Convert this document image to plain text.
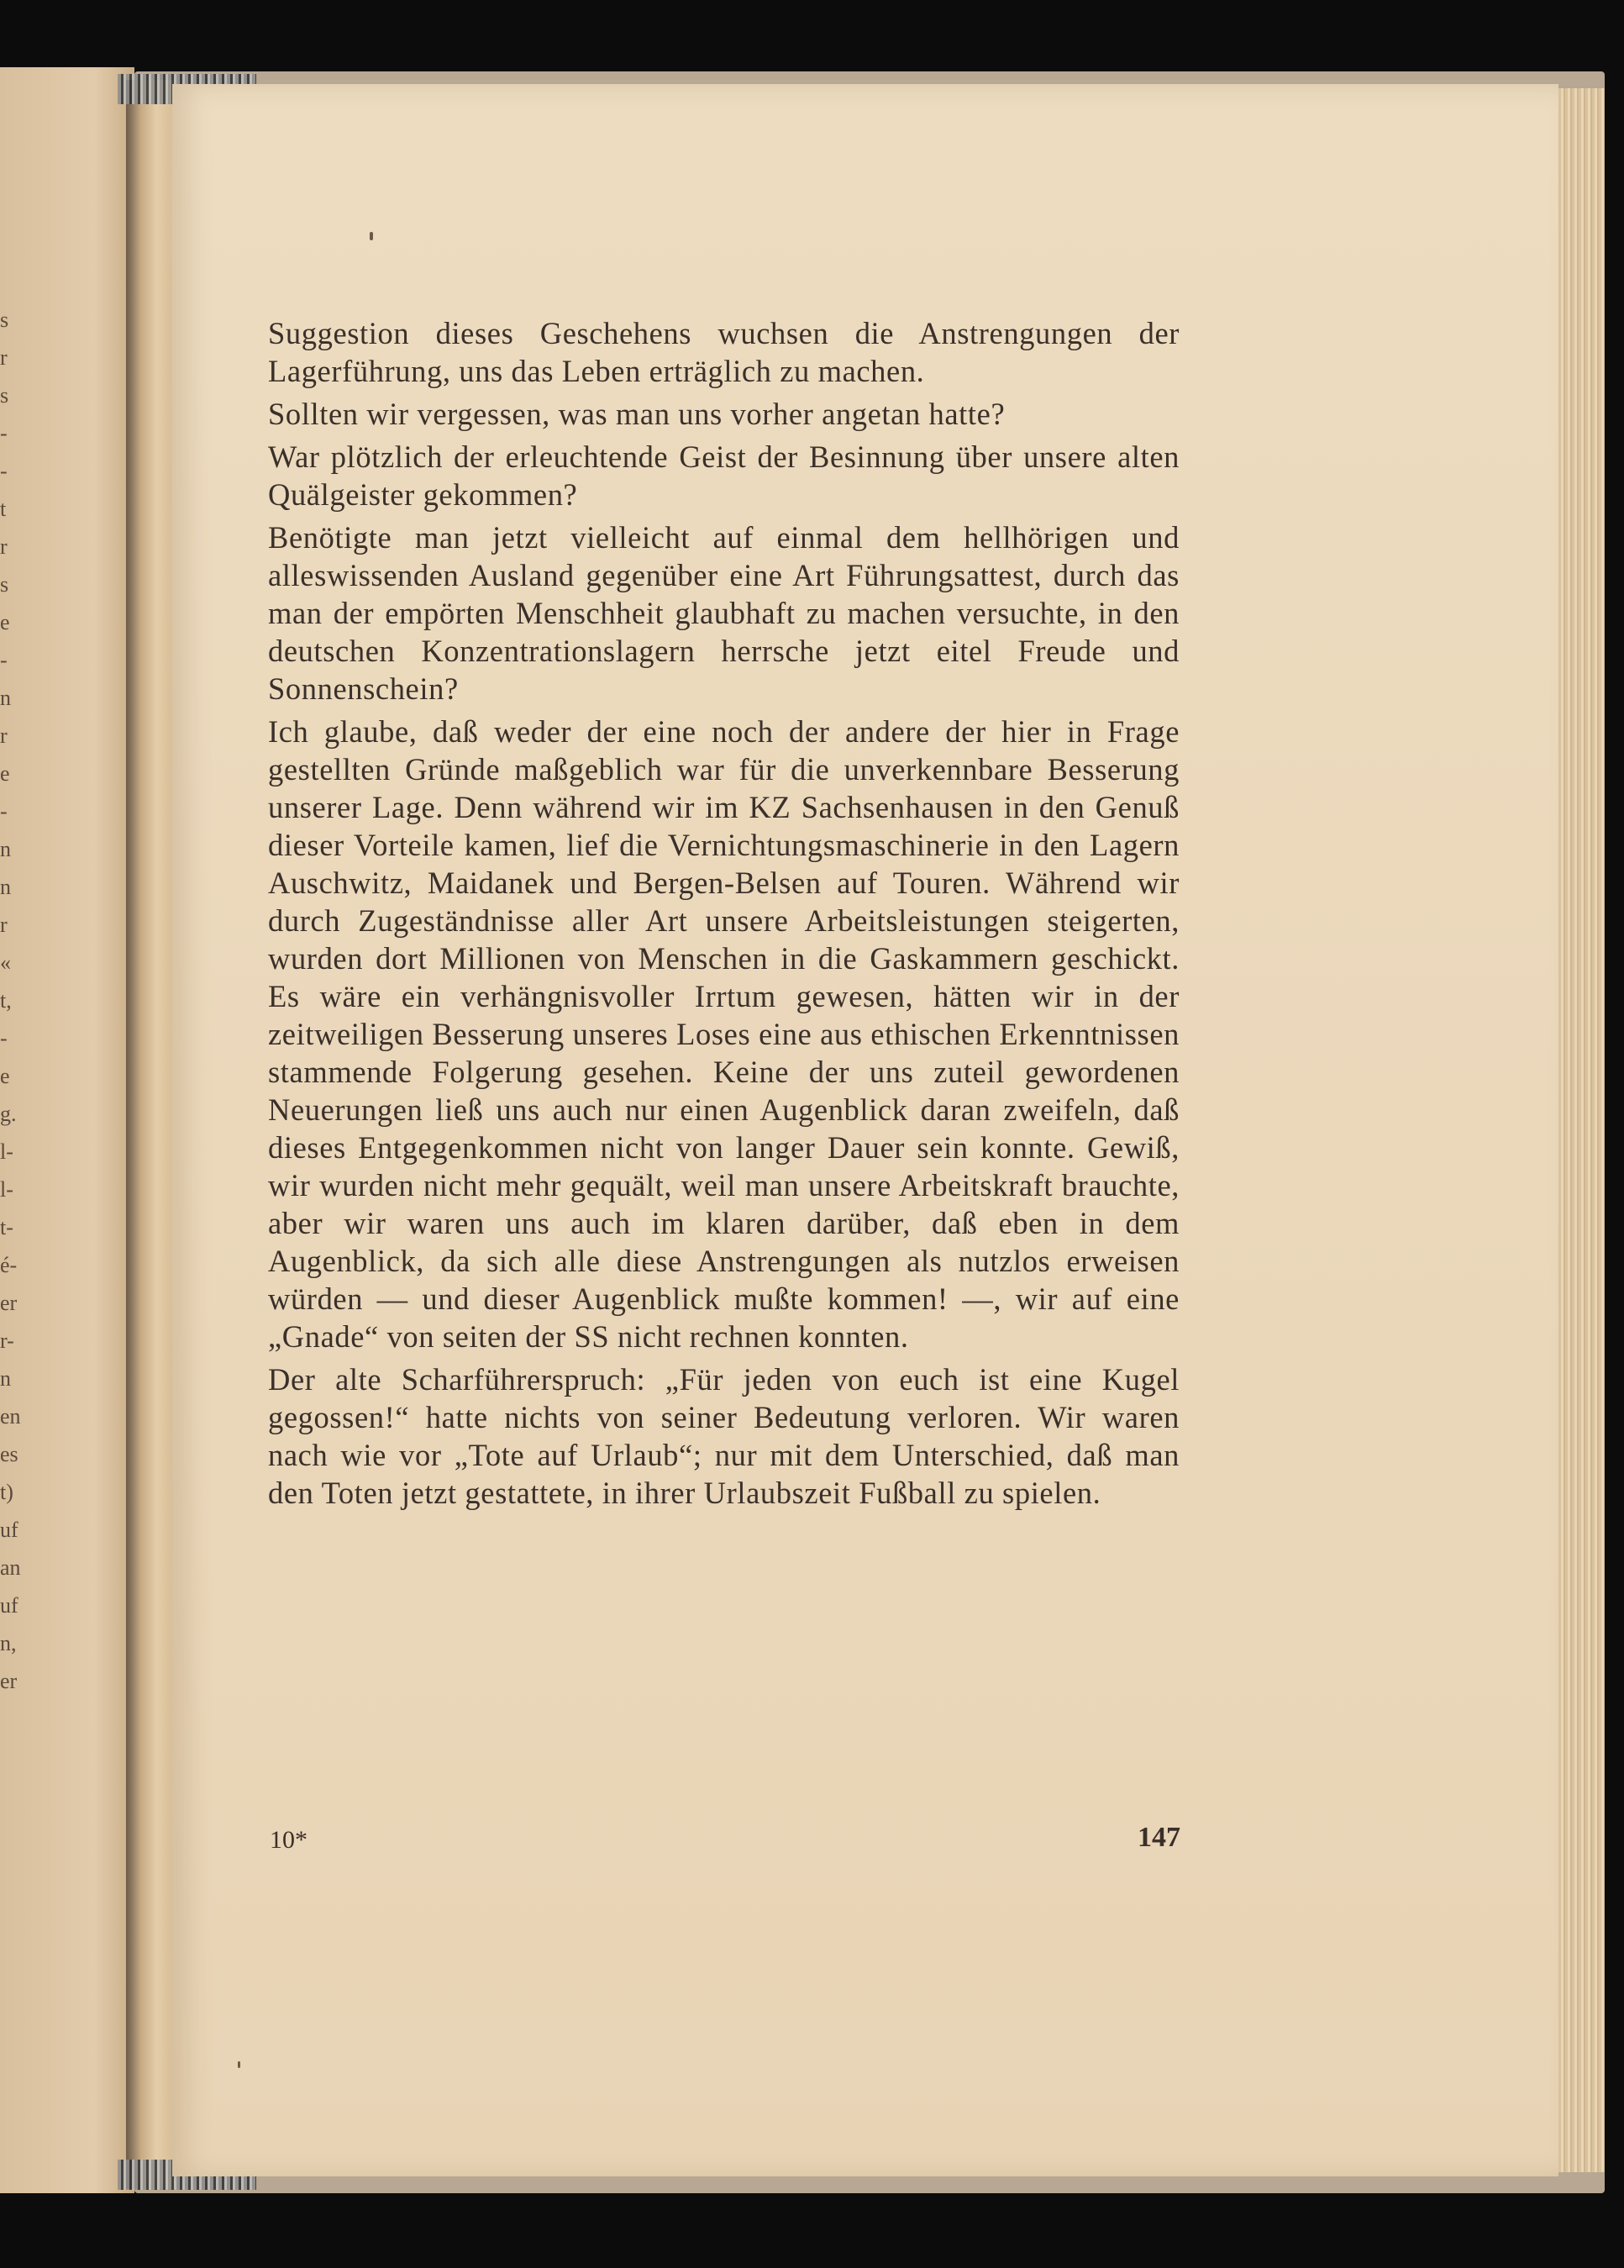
s
r
s
-
-
t
r
s
e
-
n
r
e
-
n
n
r
«
t,
-
e
g.
l-
l-
t-
é-
er
r-
n
en
es
t)
uf
an
uf
n,
er

Suggestion dieses Geschehens wuchsen die Anstrengungen der Lagerführung, uns das Leben erträglich zu machen.

Sollten wir vergessen, was man uns vorher angetan hatte?

War plötzlich der erleuchtende Geist der Besinnung über unsere alten Quälgeister gekommen?

Benötigte man jetzt vielleicht auf einmal dem hellhörigen und alleswissenden Ausland gegenüber eine Art Führungsattest, durch das man der empörten Menschheit glaubhaft zu machen versuchte, in den deutschen Konzentrationslagern herrsche jetzt eitel Freude und Sonnenschein?

Ich glaube, daß weder der eine noch der andere der hier in Frage gestellten Gründe maßgeblich war für die unverkennbare Besserung unserer Lage. Denn während wir im KZ Sachsenhausen in den Genuß dieser Vorteile kamen, lief die Vernichtungsmaschinerie in den Lagern Auschwitz, Maidanek und Bergen-Belsen auf Touren. Während wir durch Zugeständnisse aller Art unsere Arbeitsleistungen steigerten, wurden dort Millionen von Menschen in die Gaskammern geschickt. Es wäre ein verhängnisvoller Irrtum gewesen, hätten wir in der zeitweiligen Besserung unseres Loses eine aus ethischen Erkenntnissen stammende Folgerung gesehen. Keine der uns zuteil gewordenen Neuerungen ließ uns auch nur einen Augenblick daran zweifeln, daß dieses Entgegenkommen nicht von langer Dauer sein konnte. Gewiß, wir wurden nicht mehr gequält, weil man unsere Arbeitskraft brauchte, aber wir waren uns auch im klaren darüber, daß eben in dem Augenblick, da sich alle diese Anstrengungen als nutzlos erweisen würden — und dieser Augenblick mußte kommen! —, wir auf eine „Gnade“ von seiten der SS nicht rechnen konnten.

Der alte Scharführerspruch: „Für jeden von euch ist eine Kugel gegossen!“ hatte nichts von seiner Bedeutung verloren. Wir waren nach wie vor „Tote auf Urlaub“; nur mit dem Unterschied, daß man den Toten jetzt gestattete, in ihrer Urlaubszeit Fußball zu spielen.

10*	147
